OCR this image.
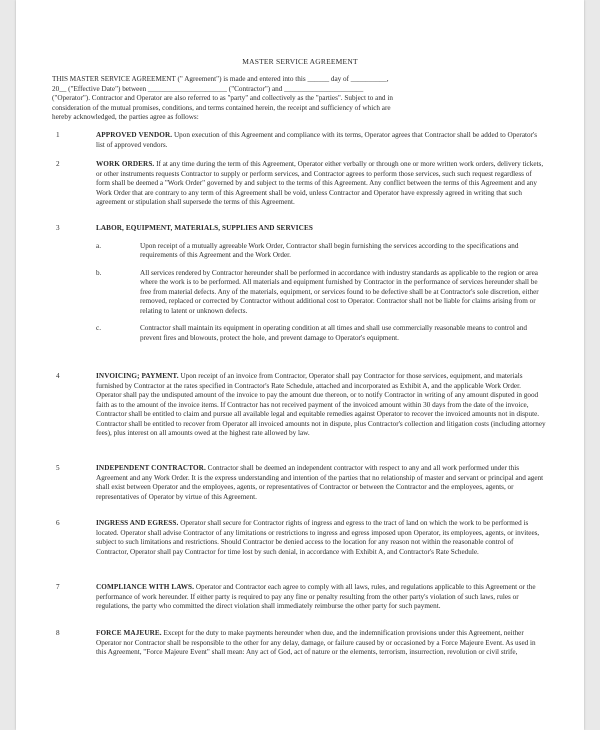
MASTER SERVICE AGREEMENT

THIS MASTER SERVICE AGREEMENT (" Agreement") is made and entered into this ______ day of __________,

20__ ("Effective Date") between ______________________ ("Contractor") and ______________________

("Operator"). Contractor and Operator are also referred to as "party" and collectively as the "parties". Subject to and in

consideration of the mutual promises, conditions, and terms contained herein, the receipt and sufficiency of which are

hereby acknowledged, the parties agree as follows:

1	APPROVED VENDOR. Upon execution of this Agreement and compliance with its terms, Operator agrees that Contractor shall be added to Operator's list of approved vendors.

2	WORK ORDERS. If at any time during the term of this Agreement, Operator either verbally or through one or more written work orders, delivery tickets, or other instruments requests Contractor to supply or perform services, and Contractor agrees to perform those services, such such request regardless of form shall be deemed a "Work Order" governed by and subject to the terms of this Agreement. Any conflict between the terms of this Agreement and any Work Order that are contrary to any term of this Agreement shall be void, unless Contractor and Operator have expressly agreed in writing that such agreement or stipulation shall supersede the terms of this Agreement.

3	LABOR, EQUIPMENT, MATERIALS, SUPPLIES AND SERVICES

a.	Upon receipt of a mutually agreeable Work Order, Contractor shall begin furnishing the services according to the specifications and requirements of this Agreement and the Work Order.
b.	All services rendered by Contractor hereunder shall be performed in accordance with industry standards as applicable to the region or area where the work is to be performed. All materials and equipment furnished by Contractor in the performance of services hereunder shall be free from material defects. Any of the materials, equipment, or services found to be defective shall be at Contractor's sole discretion, either removed, replaced or corrected by Contractor without additional cost to Operator. Contractor shall not be liable for claims arising from or relating to latent or unknown defects.
c.	Contractor shall maintain its equipment in operating condition at all times and shall use commercially reasonable means to control and prevent fires and blowouts, protect the hole, and prevent damage to Operator's equipment.
4	INVOICING; PAYMENT. Upon receipt of an invoice from Contractor, Operator shall pay Contractor for those services, equipment, and materials furnished by Contractor at the rates specified in Contractor's Rate Schedule, attached and incorporated as Exhibit A, and the applicable Work Order. Operator shall pay the undisputed amount of the invoice to pay the amount due thereon, or to notify Contractor in writing of any amount disputed in good faith as to the amount of the invoice items. If Contractor has not received payment of the invoiced amount within 30 days from the date of the invoice, Contractor shall be entitled to claim and pursue all available legal and equitable remedies against Operator to recover the invoiced amounts not in dispute. Contractor shall be entitled to recover from Operator all invoiced amounts not in dispute, plus Contractor's collection and litigation costs (including attorney fees), plus interest on all amounts owed at the highest rate allowed by law.

5	INDEPENDENT CONTRACTOR. Contractor shall be deemed an independent contractor with respect to any and all work performed under this Agreement and any Work Order. It is the express understanding and intention of the parties that no relationship of master and servant or principal and agent shall exist between Operator and the employees, agents, or representatives of Contractor or between the Contractor and the employees, agents, or representatives of Operator by virtue of this Agreement.

6	INGRESS AND EGRESS. Operator shall secure for Contractor rights of ingress and egress to the tract of land on which the work to be performed is located. Operator shall advise Contractor of any limitations or restrictions to ingress and egress imposed upon Operator, its employees, agents, or invitees, subject to such limitations and restrictions. Should Contractor be denied access to the location for any reason not within the reasonable control of Contractor, Operator shall pay Contractor for time lost by such denial, in accordance with Exhibit A, and Contractor's Rate Schedule.

7	COMPLIANCE WITH LAWS. Operator and Contractor each agree to comply with all laws, rules, and regulations applicable to this Agreement or the performance of work hereunder. If either party is required to pay any fine or penalty resulting from the other party's violation of such laws, rules or regulations, the party who committed the direct violation shall immediately reimburse the other party for such payment.

8	FORCE MAJEURE. Except for the duty to make payments hereunder when due, and the indemnification provisions under this Agreement, neither Operator nor Contractor shall be responsible to the other for any delay, damage, or failure caused by or occasioned by a Force Majeure Event. As used in this Agreement, "Force Majeure Event" shall mean: Any act of God, act of nature or the elements, terrorism, insurrection, revolution or civil strife,
